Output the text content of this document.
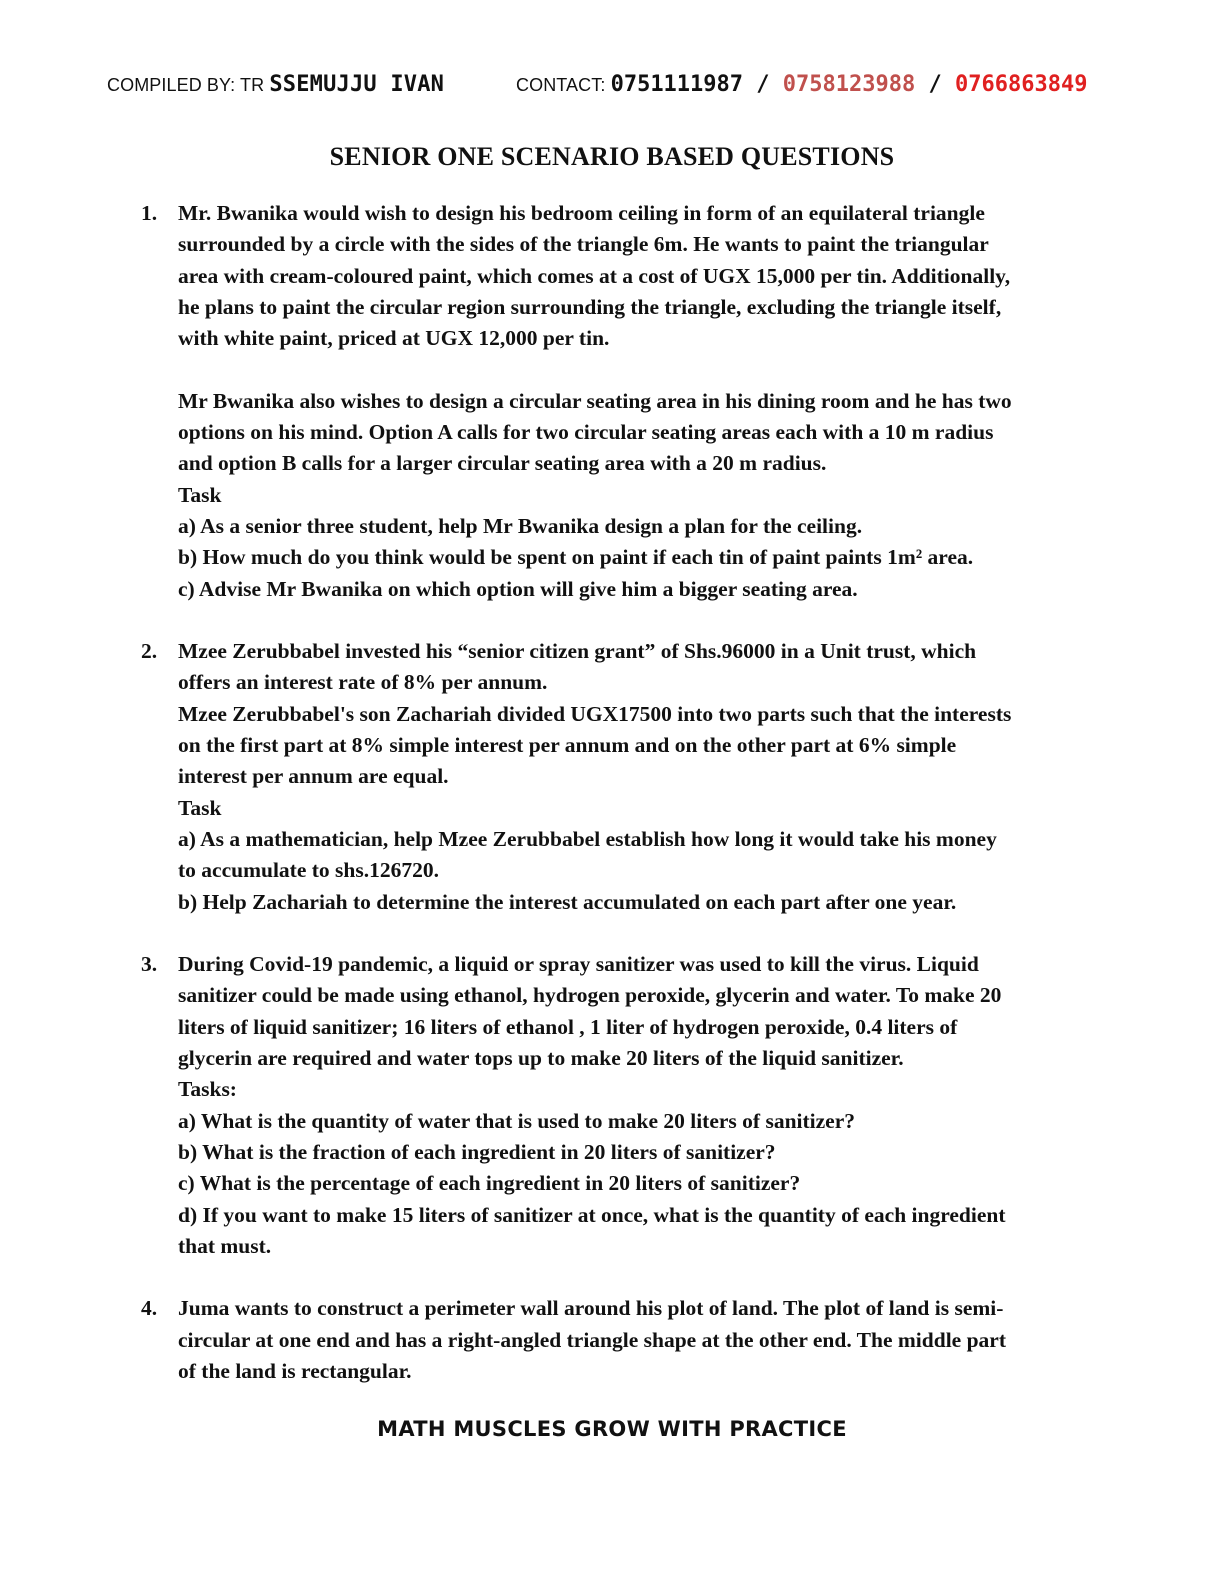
COMPILED BY: TR SSEMUJJU IVAN	CONTACT: 0751111987 / 0758123988 / 0766863849
SENIOR ONE SCENARIO BASED QUESTIONS
1. Mr. Bwanika would wish to design his bedroom ceiling in form of an equilateral triangle

surrounded by a circle with the sides of the triangle 6m. He wants to paint the triangular

area with cream-coloured paint, which comes at a cost of UGX 15,000 per tin. Additionally,

he plans to paint the circular region surrounding the triangle, excluding the triangle itself,

with white paint, priced at UGX 12,000 per tin.

Mr Bwanika also wishes to design a circular seating area in his dining room and he has two

options on his mind. Option A calls for two circular seating areas each with a 10 m radius

and option B calls for a larger circular seating area with a 20 m radius.

Task

a) As a senior three student, help Mr Bwanika design a plan for the ceiling.

b) How much do you think would be spent on paint if each tin of paint paints 1m² area.

c) Advise Mr Bwanika on which option will give him a bigger seating area.

2. Mzee Zerubbabel invested his “senior citizen grant” of Shs.96000 in a Unit trust, which

offers an interest rate of 8% per annum.

Mzee Zerubbabel's son Zachariah divided UGX17500 into two parts such that the interests

on the first part at 8% simple interest per annum and on the other part at 6% simple

interest per annum are equal.

Task

a) As a mathematician, help Mzee Zerubbabel establish how long it would take his money

to accumulate to shs.126720.

b) Help Zachariah to determine the interest accumulated on each part after one year.

3. During Covid-19 pandemic, a liquid or spray sanitizer was used to kill the virus. Liquid

sanitizer could be made using ethanol, hydrogen peroxide, glycerin and water. To make 20

liters of liquid sanitizer; 16 liters of ethanol , 1 liter of hydrogen peroxide, 0.4 liters of

glycerin are required and water tops up to make 20 liters of the liquid sanitizer.

Tasks:

a) What is the quantity of water that is used to make 20 liters of sanitizer?

b) What is the fraction of each ingredient in 20 liters of sanitizer?

c) What is the percentage of each ingredient in 20 liters of sanitizer?

d) If you want to make 15 liters of sanitizer at once, what is the quantity of each ingredient

that must.

4. Juma wants to construct a perimeter wall around his plot of land. The plot of land is semi-

circular at one end and has a right-angled triangle shape at the other end. The middle part

of the land is rectangular.

MATH MUSCLES GROW WITH PRACTICE
